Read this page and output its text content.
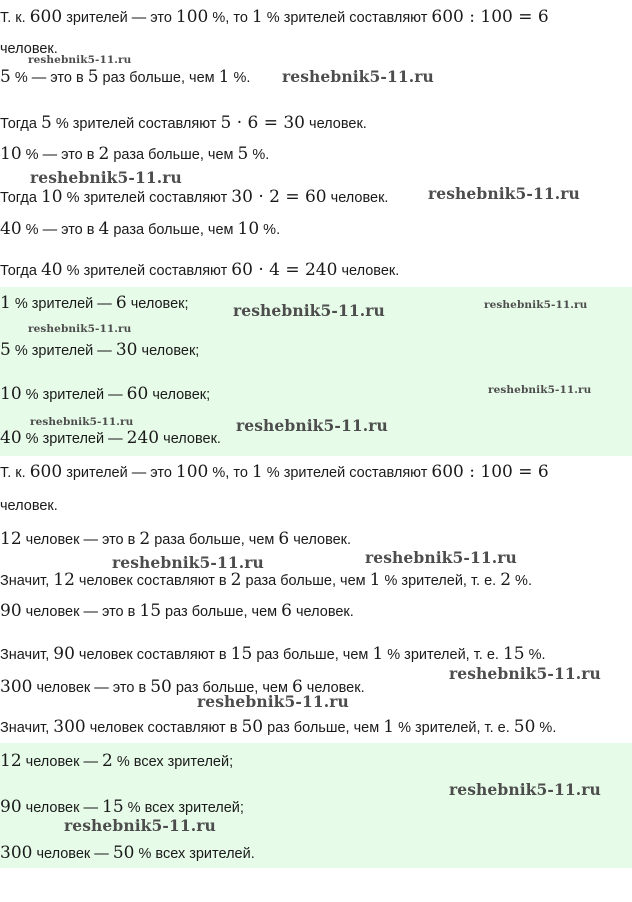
Т. к. 600 зрителей — это 100 %, то 1 % зрителей составляют 600 : 100 = 6
человек.
5 % — это в 5 раз больше, чем 1 %.
Тогда 5 % зрителей составляют 5 · 6 = 30 человек.
10 % — это в 2 раза больше, чем 5 %.
Тогда 10 % зрителей составляют 30 · 2 = 60 человек.
40 % — это в 4 раза больше, чем 10 %.
Тогда 40 % зрителей составляют 60 · 4 = 240 человек.
1 % зрителей — 6 человек;
5 % зрителей — 30 человек;
10 % зрителей — 60 человек;
40 % зрителей — 240 человек.
Т. к. 600 зрителей — это 100 %, то 1 % зрителей составляют 600 : 100 = 6
человек.
12 человек — это в 2 раза больше, чем 6 человек.
Значит, 12 человек составляют в 2 раза больше, чем 1 % зрителей, т. е. 2 %.
90 человек — это в 15 раз больше, чем 6 человек.
Значит, 90 человек составляют в 15 раз больше, чем 1 % зрителей, т. е. 15 %.
300 человек — это в 50 раз больше, чем 6 человек.
Значит, 300 человек составляют в 50 раз больше, чем 1 % зрителей, т. е. 50 %.
12 человек — 2 % всех зрителей;
90 человек — 15 % всех зрителей;
300 человек — 50 % всех зрителей.
reshebnik5-11.ru
reshebnik5-11.ru
reshebnik5-11.ru
reshebnik5-11.ru
reshebnik5-11.ru	reshebnik5-11.ru
reshebnik5-11.ru
reshebnik5-11.ru
reshebnik5-11.ru	reshebnik5-11.ru
reshebnik5-11.ru	reshebnik5-11.ru
reshebnik5-11.ru
reshebnik5-11.ru
reshebnik5-11.ru
reshebnik5-11.ru
